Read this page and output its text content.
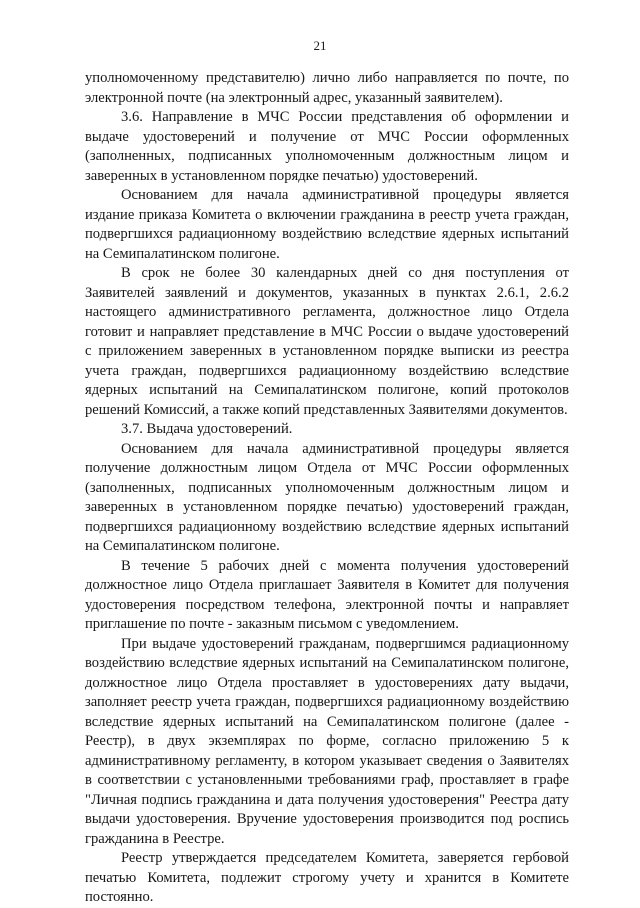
21

уполномоченному представителю) лично либо направляется по почте, по электронной почте (на электронный адрес, указанный заявителем).

3.6. Направление в МЧС России представления об оформлении и выдаче удостоверений и получение от МЧС России оформленных (заполненных, подписанных уполномоченным должностным лицом и заверенных в установленном порядке печатью) удостоверений.

Основанием для начала административной процедуры является издание приказа Комитета о включении гражданина в реестр учета граждан, подвергшихся радиационному воздействию вследствие ядерных испытаний на Семипалатинском полигоне.

В срок не более 30 календарных дней со дня поступления от Заявителей заявлений и документов, указанных в пунктах 2.6.1, 2.6.2 настоящего административного регламента, должностное лицо Отдела готовит и направляет представление в МЧС России о выдаче удостоверений с приложением заверенных в установленном порядке выписки из реестра учета граждан, подвергшихся радиационному воздействию вследствие ядерных испытаний на Семипалатинском полигоне, копий протоколов решений Комиссий, а также копий представленных Заявителями документов.

3.7. Выдача удостоверений.

Основанием для начала административной процедуры является получение должностным лицом Отдела от МЧС России оформленных (заполненных, подписанных уполномоченным должностным лицом и заверенных в установленном порядке печатью) удостоверений граждан, подвергшихся радиационному воздействию вследствие ядерных испытаний на Семипалатинском полигоне.

В течение 5 рабочих дней с момента получения удостоверений должностное лицо Отдела приглашает Заявителя в Комитет для получения удостоверения посредством телефона, электронной почты и направляет приглашение по почте - заказным письмом с уведомлением.

При выдаче удостоверений гражданам, подвергшимся радиационному воздействию вследствие ядерных испытаний на Семипалатинском полигоне, должностное лицо Отдела проставляет в удостоверениях дату выдачи, заполняет реестр учета граждан, подвергшихся радиационному воздействию вследствие ядерных испытаний на Семипалатинском полигоне (далее - Реестр), в двух экземплярах по форме, согласно приложению 5 к административному регламенту, в котором указывает сведения о Заявителях в соответствии с установленными требованиями граф, проставляет в графе "Личная подпись гражданина и дата получения удостоверения" Реестра дату выдачи удостоверения. Вручение удостоверения производится под роспись гражданина в Реестре.

Реестр утверждается председателем Комитета, заверяется гербовой печатью Комитета, подлежит строгому учету и хранится в Комитете постоянно.
